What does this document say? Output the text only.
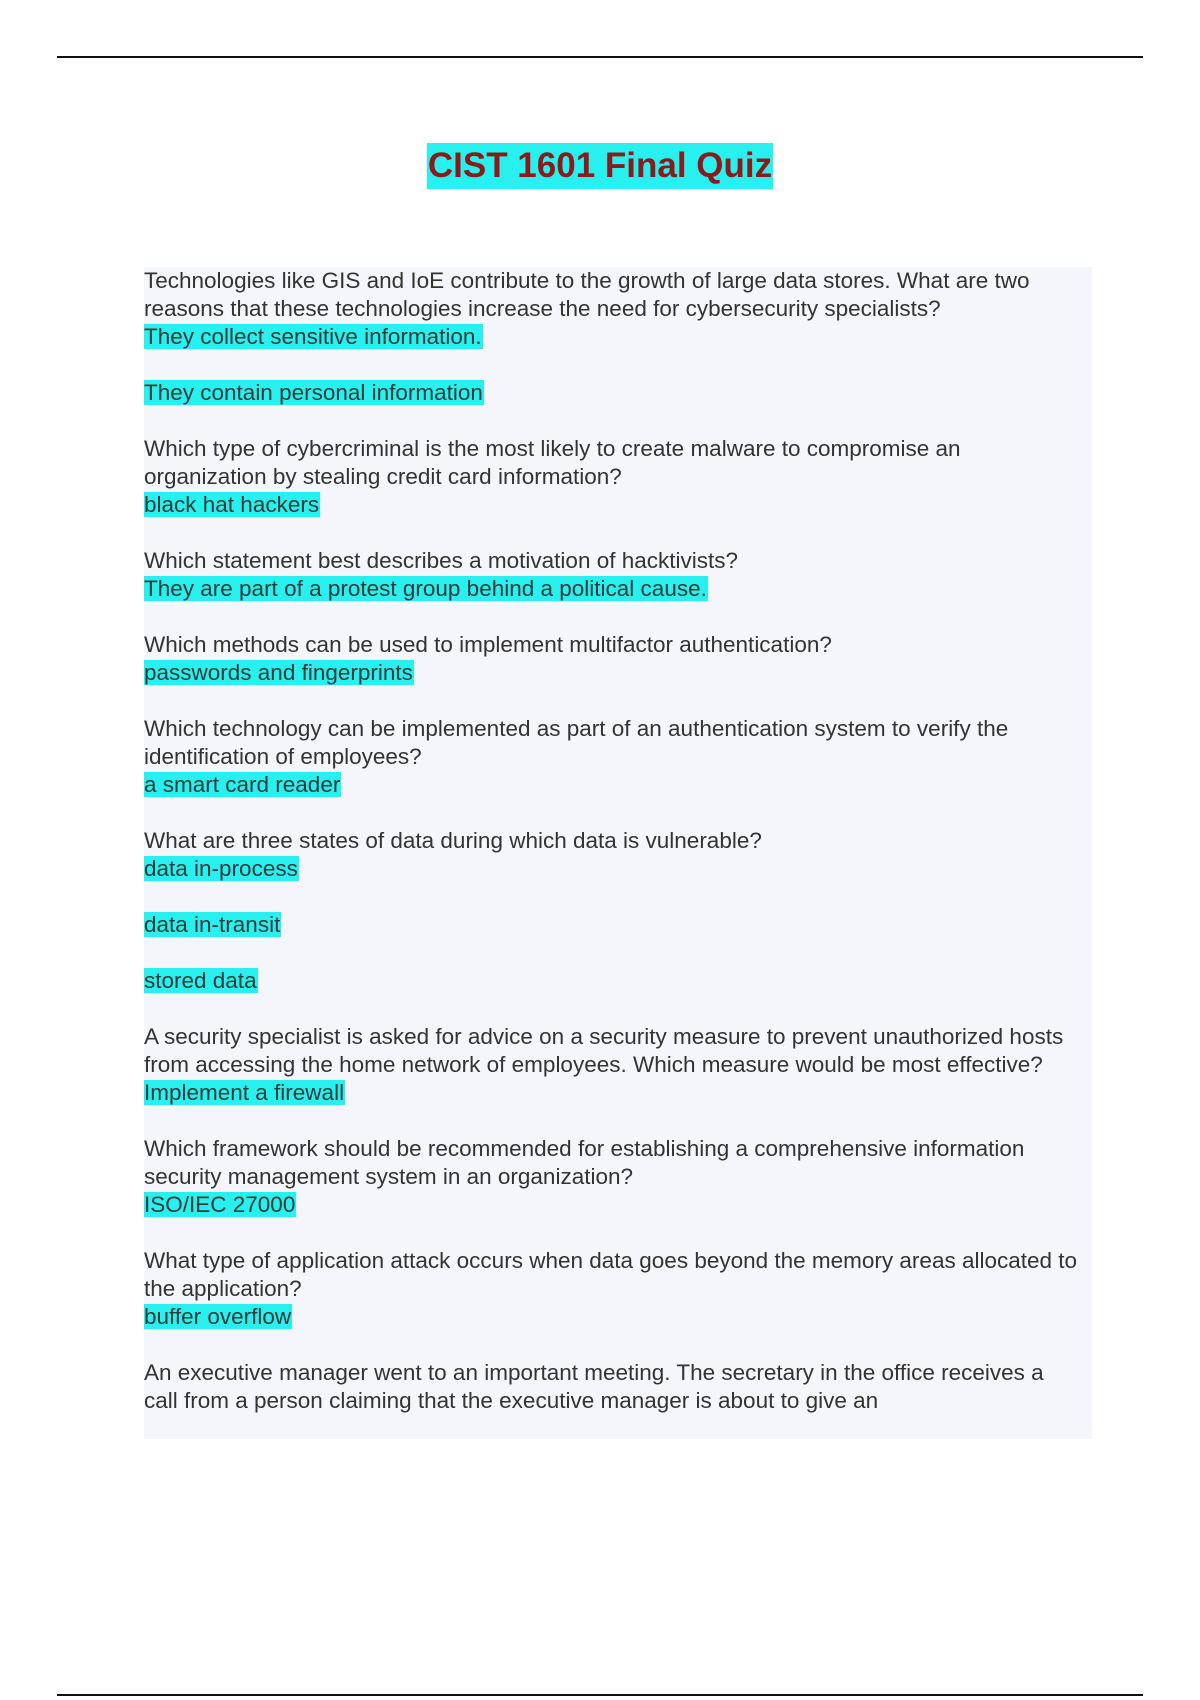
CIST 1601 Final Quiz

Technologies like GIS and IoE contribute to the growth of large data stores. What are two reasons that these technologies increase the need for cybersecurity specialists?

They collect sensitive information.

They contain personal information

Which type of cybercriminal is the most likely to create malware to compromise an organization by stealing credit card information?

black hat hackers

Which statement best describes a motivation of hacktivists?

They are part of a protest group behind a political cause.

Which methods can be used to implement multifactor authentication?

passwords and fingerprints

Which technology can be implemented as part of an authentication system to verify the identification of employees?

a smart card reader

What are three states of data during which data is vulnerable?

data in-process

data in-transit

stored data

A security specialist is asked for advice on a security measure to prevent unauthorized hosts from accessing the home network of employees. Which measure would be most effective?

Implement a firewall

Which framework should be recommended for establishing a comprehensive information security management system in an organization?

ISO/IEC 27000

What type of application attack occurs when data goes beyond the memory areas allocated to the application?

buffer overflow

An executive manager went to an important meeting. The secretary in the office receives a call from a person claiming that the executive manager is about to give an
